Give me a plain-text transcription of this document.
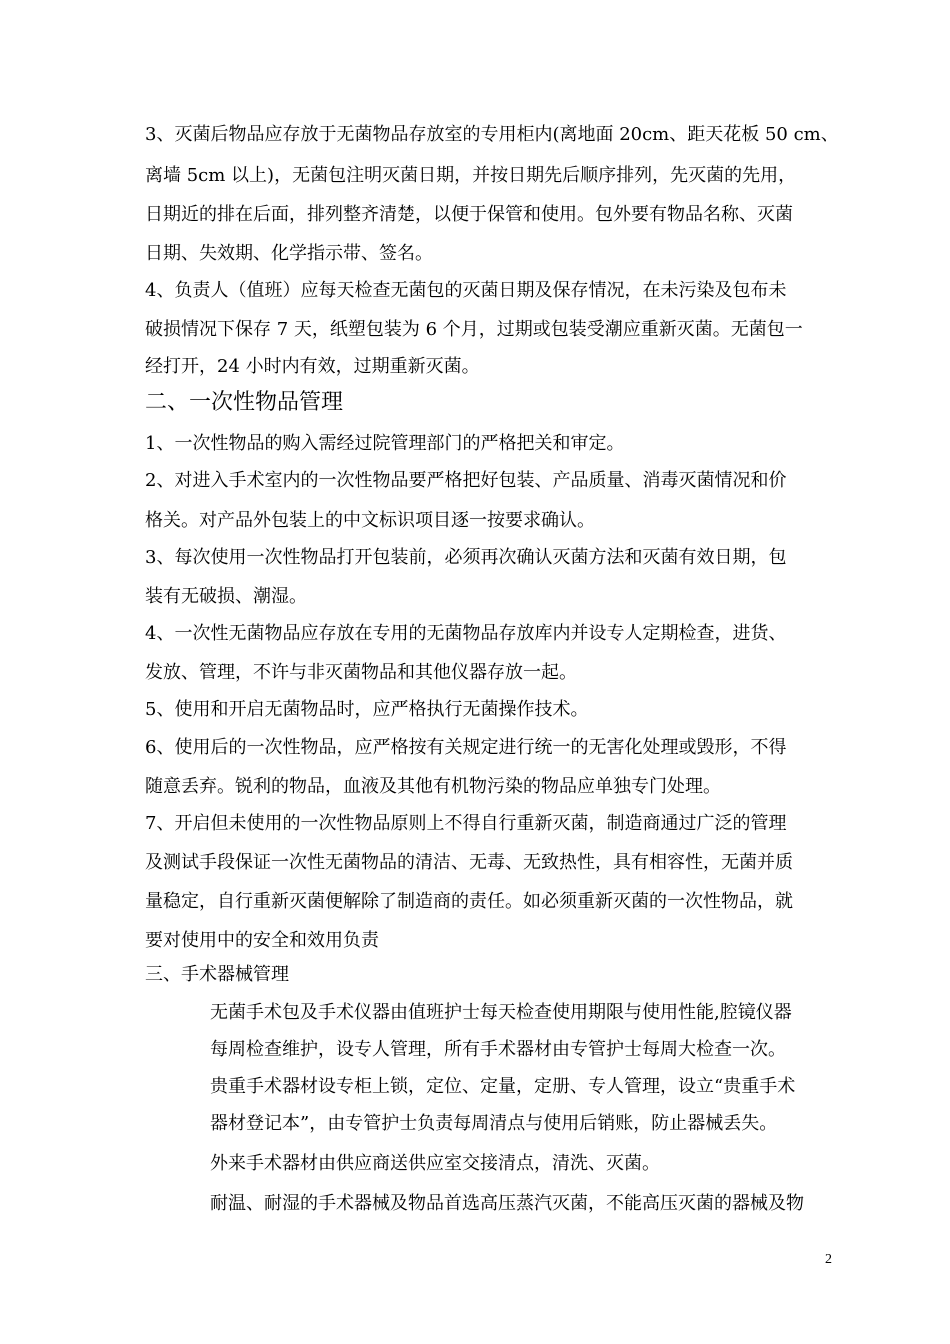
3、灭菌后物品应存放于无菌物品存放室的专用柜内(离地面 20cm、距天花板 50 cm、
离墙 5cm 以上)，无菌包注明灭菌日期，并按日期先后顺序排列，先灭菌的先用，
日期近的排在后面，排列整齐清楚，以便于保管和使用。包外要有物品名称、灭菌
日期、失效期、化学指示带、签名。
4、负责人（值班）应每天检查无菌包的灭菌日期及保存情况，在未污染及包布未
破损情况下保存 7 天，纸塑包装为 6 个月，过期或包装受潮应重新灭菌。无菌包一
经打开，24 小时内有效，过期重新灭菌。
二、一次性物品管理
1、一次性物品的购入需经过院管理部门的严格把关和审定。
2、对进入手术室内的一次性物品要严格把好包装、产品质量、消毒灭菌情况和价
格关。对产品外包装上的中文标识项目逐一按要求确认。
3、每次使用一次性物品打开包装前，必须再次确认灭菌方法和灭菌有效日期，包
装有无破损、潮湿。
4、一次性无菌物品应存放在专用的无菌物品存放库内并设专人定期检查，进货、
发放、管理，不许与非灭菌物品和其他仪器存放一起。
5、使用和开启无菌物品时，应严格执行无菌操作技术。
6、使用后的一次性物品，应严格按有关规定进行统一的无害化处理或毁形，不得
随意丢弃。锐利的物品，血液及其他有机物污染的物品应单独专门处理。
7、开启但未使用的一次性物品原则上不得自行重新灭菌，制造商通过广泛的管理
及测试手段保证一次性无菌物品的清洁、无毒、无致热性，具有相容性，无菌并质
量稳定，自行重新灭菌便解除了制造商的责任。如必须重新灭菌的一次性物品，就
要对使用中的安全和效用负责
三、手术器械管理
无菌手术包及手术仪器由值班护士每天检查使用期限与使用性能,腔镜仪器
每周检查维护，设专人管理，所有手术器材由专管护士每周大检查一次。
贵重手术器材设专柜上锁，定位、定量，定册、专人管理，设立“贵重手术
器材登记本”，由专管护士负责每周清点与使用后销账，防止器械丢失。
外来手术器材由供应商送供应室交接清点，清洗、灭菌。
耐温、耐湿的手术器械及物品首选高压蒸汽灭菌，不能高压灭菌的器械及物
2
